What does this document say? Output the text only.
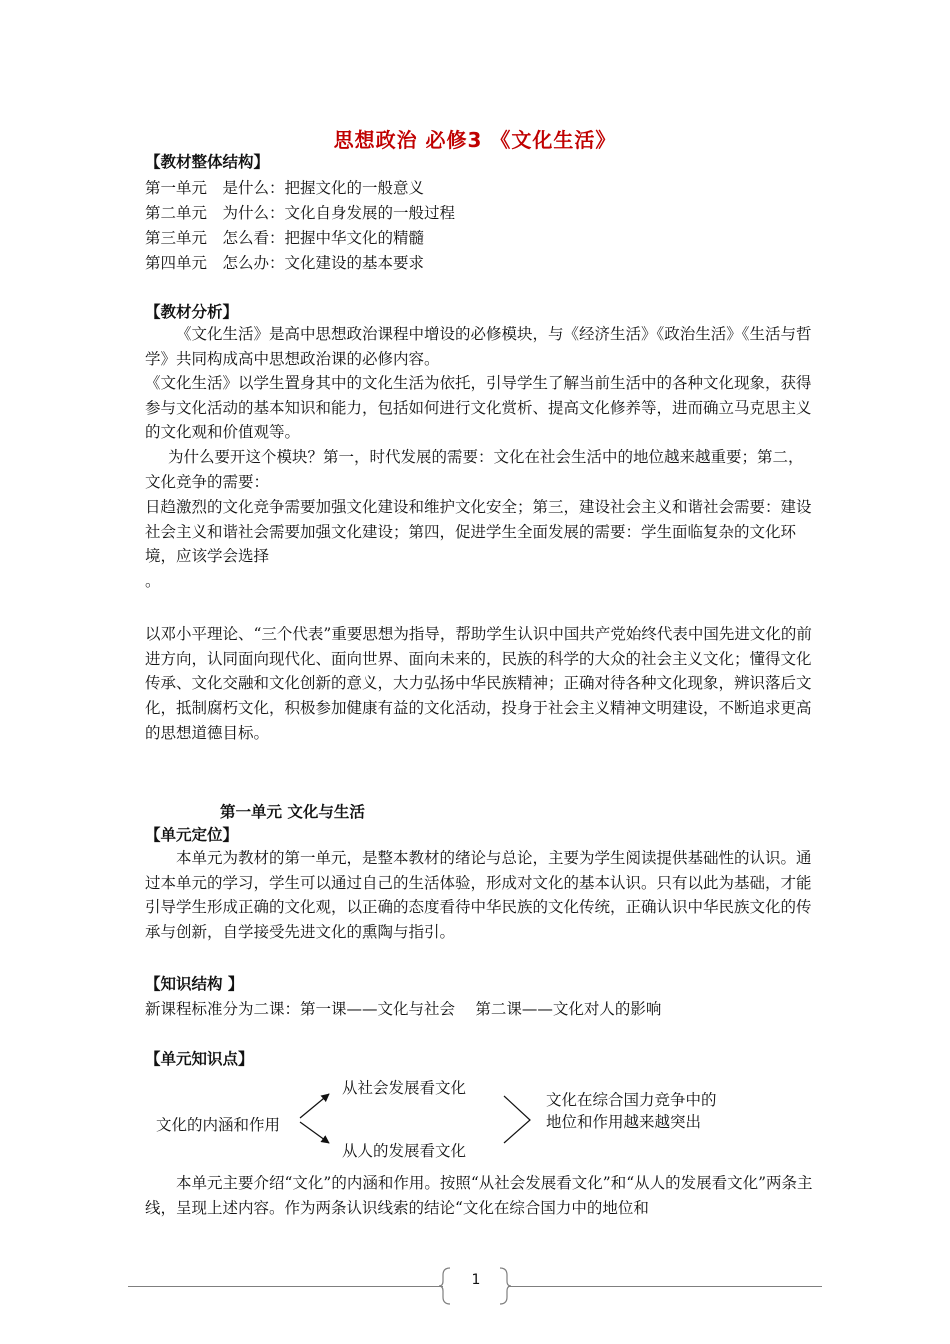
思想政治 必修3 《文化生活》
【教材整体结构】
第一单元　是什么：把握文化的一般意义
第二单元　为什么：文化自身发展的一般过程
第三单元　怎么看：把握中华文化的精髓
第四单元　怎么办：文化建设的基本要求
【教材分析】
《文化生活》是高中思想政治课程中增设的必修模块，与《经济生活》《政治生活》《生活与哲学》共同构成高中思想政治课的必修内容。
《文化生活》以学生置身其中的文化生活为依托，引导学生了解当前生活中的各种文化现象，获得参与文化活动的基本知识和能力，包括如何进行文化赏析、提高文化修养等，进而确立马克思主义的文化观和价值观等。
为什么要开这个模块？第一，时代发展的需要：文化在社会生活中的地位越来越重要；第二，文化竞争的需要：
日趋激烈的文化竞争需要加强文化建设和维护文化安全；第三，建设社会主义和谐社会需要：建设社会主义和谐社会需要加强文化建设；第四，促进学生全面发展的需要：学生面临复杂的文化环境，应该学会选择
。
以邓小平理论、“三个代表”重要思想为指导，帮助学生认识中国共产党始终代表中国先进文化的前进方向，认同面向现代化、面向世界、面向未来的，民族的科学的大众的社会主义文化；懂得文化传承、文化交融和文化创新的意义，大力弘扬中华民族精神；正确对待各种文化现象，辨识落后文化，抵制腐朽文化，积极参加健康有益的文化活动，投身于社会主义精神文明建设，不断追求更高的思想道德目标。
第一单元 文化与生活
【单元定位】
本单元为教材的第一单元，是整本教材的绪论与总论，主要为学生阅读提供基础性的认识。通过本单元的学习，学生可以通过自己的生活体验，形成对文化的基本认识。只有以此为基础，才能引导学生形成正确的文化观，以正确的态度看待中华民族的文化传统，正确认识中华民族文化的传承与创新，自学接受先进文化的熏陶与指引。
【知识结构 】
新课程标准分为二课：第一课——文化与社会　 第二课——文化对人的影响
【单元知识点】
文化的内涵和作用
从社会发展看文化
从人的发展看文化
文化在综合国力竞争中的
地位和作用越来越突出
本单元主要介绍“文化”的内涵和作用。按照“从社会发展看文化”和“从人的发展看文化”两条主线，呈现上述内容。作为两条认识线索的结论“文化在综合国力中的地位和
1
